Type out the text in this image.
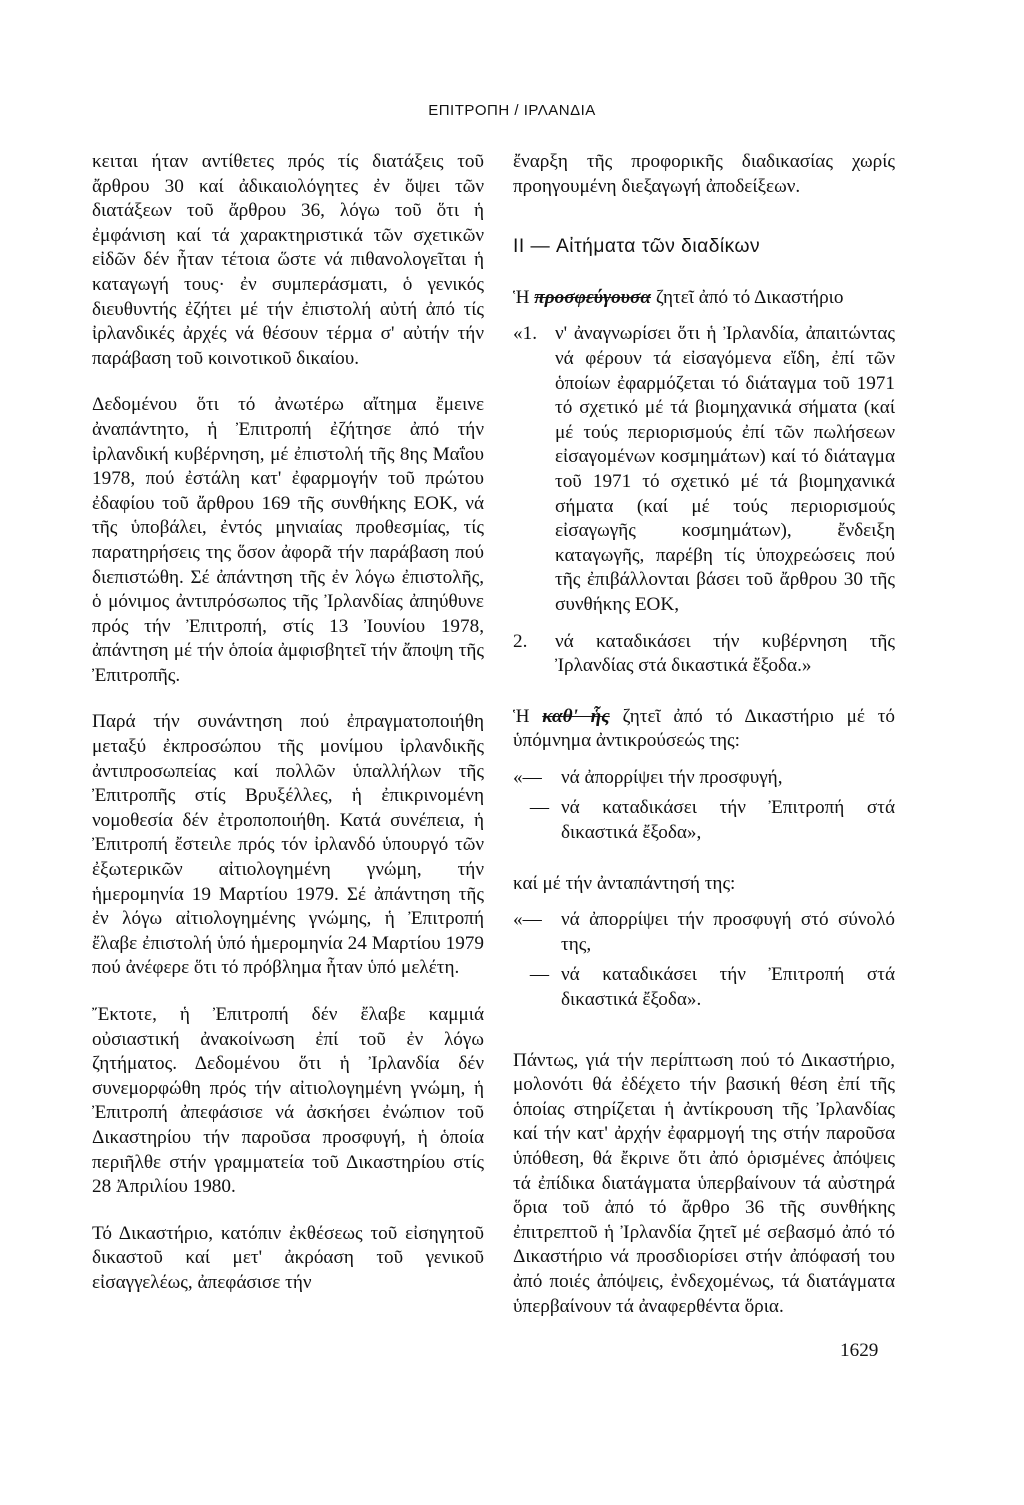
ΕΠΙΤΡΟΠΗ / ΙΡΛΑΝΔΙΑ

κειται ήταν αντίθετες πρός τίς διατάξεις τοῦ ἄρθρου 30 καί ἀδικαιολόγητες ἐν ὄψει τῶν διατάξεων τοῦ ἄρθρου 36, λόγω τοῦ ὅτι ἡ ἐμφάνιση καί τά χαρακτηριστικά τῶν σχετικῶν εἰδῶν δέν ἦταν τέτοια ὥστε νά πιθανολογεῖται ἡ καταγωγή τους· ἐν συμπεράσματι, ὁ γενικός διευθυντής ἐζήτει μέ τήν ἐπιστολή αὐτή ἀπό τίς ἰρλανδικές ἀρχές νά θέσουν τέρμα σ' αὐτήν τήν παράβαση τοῦ κοινοτικοῦ δικαίου.

Δεδομένου ὅτι τό ἀνωτέρω αἴτημα ἔμεινε ἀναπάντητο, ἡ Ἐπιτροπή ἐζήτησε ἀπό τήν ἰρλανδική κυβέρνηση, μέ ἐπιστολή τῆς 8ης Μαΐου 1978, πού ἐστάλη κατ' ἐφαρμογήν τοῦ πρώτου ἐδαφίου τοῦ ἄρθρου 169 τῆς συνθήκης ΕΟΚ, νά τῆς ὑποβάλει, ἐντός μηνιαίας προθεσμίας, τίς παρατηρήσεις της ὅσον ἀφορᾶ τήν παράβαση πού διεπιστώθη. Σέ ἀπάντηση τῆς ἐν λόγω ἐπιστολῆς, ὁ μόνιμος ἀντιπρόσωπος τῆς Ἰρλανδίας ἀπηύθυνε πρός τήν Ἐπιτροπή, στίς 13 Ἰουνίου 1978, ἀπάντηση μέ τήν ὁποία ἀμφισβητεῖ τήν ἄποψη τῆς Ἐπιτροπῆς.

Παρά τήν συνάντηση πού ἐπραγματοποιήθη μεταξύ ἐκπροσώπου τῆς μονίμου ἰρλανδικῆς ἀντιπροσωπείας καί πολλῶν ὑπαλλήλων τῆς Ἐπιτροπῆς στίς Βρυξέλλες, ἡ ἐπικρινομένη νομοθεσία δέν ἐτροποποιήθη. Κατά συνέπεια, ἡ Ἐπιτροπή ἔστειλε πρός τόν ἰρλανδό ὑπουργό τῶν ἐξωτερικῶν αἰτιολογημένη γνώμη, τήν ἡμερομηνία 19 Μαρτίου 1979. Σέ ἀπάντηση τῆς ἐν λόγω αἰτιολογημένης γνώμης, ἡ Ἐπιτροπή ἔλαβε ἐπιστολή ὑπό ἡμερομηνία 24 Μαρτίου 1979 πού ἀνέφερε ὅτι τό πρόβλημα ἦταν ὑπό μελέτη.

Ἔκτοτε, ἡ Ἐπιτροπή δέν ἔλαβε καμμιά οὐσιαστική ἀνακοίνωση ἐπί τοῦ ἐν λόγω ζητήματος. Δεδομένου ὅτι ἡ Ἰρλανδία δέν συνεμορφώθη πρός τήν αἰτιολογημένη γνώμη, ἡ Ἐπιτροπή ἀπεφάσισε νά ἀσκήσει ἐνώπιον τοῦ Δικαστηρίου τήν παροῦσα προσφυγή, ἡ ὁποία περιῆλθε στήν γραμματεία τοῦ Δικαστηρίου στίς 28 Ἀπριλίου 1980.

Τό Δικαστήριο, κατόπιν ἐκθέσεως τοῦ εἰσηγητοῦ δικαστοῦ καί μετ' ἀκρόαση τοῦ γενικοῦ εἰσαγγελέως, ἀπεφάσισε τήν

ἔναρξη τῆς προφορικῆς διαδικασίας χωρίς προηγουμένη διεξαγωγή ἀποδείξεων.

II — Αἰτήματα τῶν διαδίκων

Ἡ προσφεύγουσα ζητεῖ ἀπό τό Δικαστήριο

«1. ν' ἀναγνωρίσει ὅτι ἡ Ἰρλανδία, ἀπαιτώντας νά φέρουν τά εἰσαγόμενα εἴδη, ἐπί τῶν ὁποίων ἐφαρμόζεται τό διάταγμα τοῦ 1971 τό σχετικό μέ τά βιομηχανικά σήματα (καί μέ τούς περιορισμούς ἐπί τῶν πωλήσεων εἰσαγομένων κοσμημάτων) καί τό διάταγμα τοῦ 1971 τό σχετικό μέ τά βιομηχανικά σήματα (καί μέ τούς περιορισμούς εἰσαγωγῆς κοσμημάτων), ἔνδειξη καταγωγῆς, παρέβη τίς ὑποχρεώσεις πού τῆς ἐπιβάλλονται βάσει τοῦ ἄρθρου 30 τῆς συνθήκης ΕΟΚ,
2.	νά καταδικάσει τήν κυβέρνηση τῆς Ἰρλανδίας στά δικαστικά ἔξοδα.»

Ἡ καθ' ἧς ζητεῖ ἀπό τό Δικαστήριο μέ τό ὑπόμνημα ἀντικρούσεώς της:

«—	νά ἀπορρίψει τήν προσφυγή,
— νά καταδικάσει τήν Ἐπιτροπή στά δικαστικά ἔξοδα»,

καί μέ τήν ἀνταπάντησή της:

«—	νά ἀπορρίψει τήν προσφυγή στό σύνολό της,
— νά καταδικάσει τήν Ἐπιτροπή στά δικαστικά ἔξοδα».

Πάντως, γιά τήν περίπτωση πού τό Δικαστήριο, μολονότι θά ἐδέχετο τήν βασική θέση ἐπί τῆς ὁποίας στηρίζεται ἡ ἀντίκρουση τῆς Ἰρλανδίας καί τήν κατ' ἀρχήν ἐφαρμογή της στήν παροῦσα ὑπόθεση, θά ἔκρινε ὅτι ἀπό ὁρισμένες ἀπόψεις τά ἐπίδικα διατάγματα ὑπερβαίνουν τά αὐστηρά ὅρια τοῦ ἀπό τό ἄρθρο 36 τῆς συνθήκης ἐπιτρεπτοῦ ἡ Ἰρλανδία ζητεῖ μέ σεβασμό ἀπό τό Δικαστήριο νά προσδιορίσει στήν ἀπόφασή του ἀπό ποιές ἀπόψεις, ἐνδεχομένως, τά διατάγματα ὑπερβαίνουν τά ἀναφερθέντα ὅρια.

1629
